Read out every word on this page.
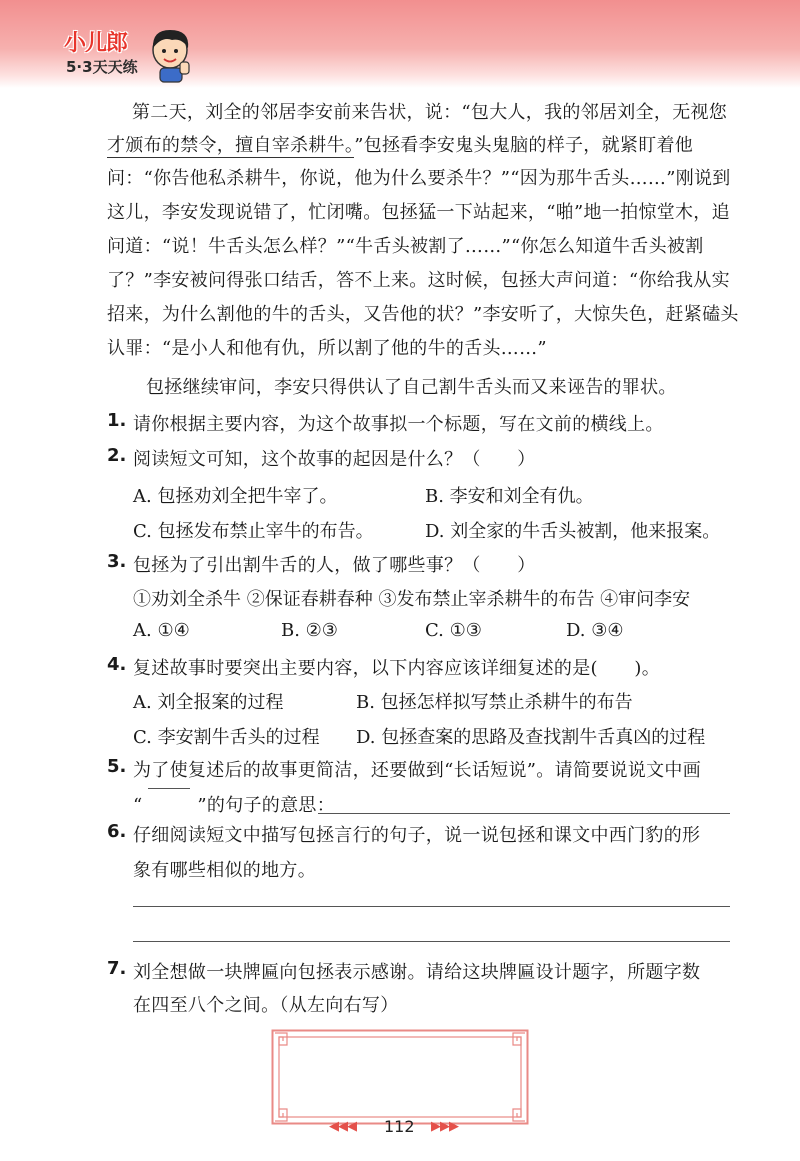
小儿郎
5·3天天练
第二天，刘全的邻居李安前来告状，说：“包大人，我的邻居刘全，无视您
才颁布的禁令，擅自宰杀耕牛。”包拯看李安鬼头鬼脑的样子，就紧盯着他
问：“你告他私杀耕牛，你说，他为什么要杀牛？”“因为那牛舌头……”刚说到
这儿，李安发现说错了，忙闭嘴。包拯猛一下站起来，“啪”地一拍惊堂木，追
问道：“说！牛舌头怎么样？”“牛舌头被割了……”“你怎么知道牛舌头被割
了？”李安被问得张口结舌，答不上来。这时候，包拯大声问道：“你给我从实
招来，为什么割他的牛的舌头，又告他的状？”李安听了，大惊失色，赶紧磕头
认罪：“是小人和他有仇，所以割了他的牛的舌头……”
包拯继续审问，李安只得供认了自己割牛舌头而又来诬告的罪状。
1. 请你根据主要内容，为这个故事拟一个标题，写在文前的横线上。
2. 阅读短文可知，这个故事的起因是什么？（　　）
A. 包拯劝刘全把牛宰了。	B. 李安和刘全有仇。
C. 包拯发布禁止宰牛的布告。	D. 刘全家的牛舌头被割，他来报案。
3. 包拯为了引出割牛舌的人，做了哪些事？（　　）
①劝刘全杀牛 ②保证春耕春种 ③发布禁止宰杀耕牛的布告 ④审问李安
A. ①④	B. ②③	C. ①③	D. ③④
4. 复述故事时要突出主要内容，以下内容应该详细复述的是(　　)。
A. 刘全报案的过程	B. 包拯怎样拟写禁止杀耕牛的布告
C. 李安割牛舌头的过程 D. 包拯查案的思路及查找割牛舌真凶的过程
5. 为了使复述后的故事更简洁，还要做到“长话短说”。请简要说说文中画
“　　　”的句子的意思：
6. 仔细阅读短文中描写包拯言行的句子，说一说包拯和课文中西门豹的形
象有哪些相似的地方。
7. 刘全想做一块牌匾向包拯表示感谢。请给这块牌匾设计题字，所题字数
在四至八个之间。（从左向右写）
◀◀◀ 112 ▶▶▶
